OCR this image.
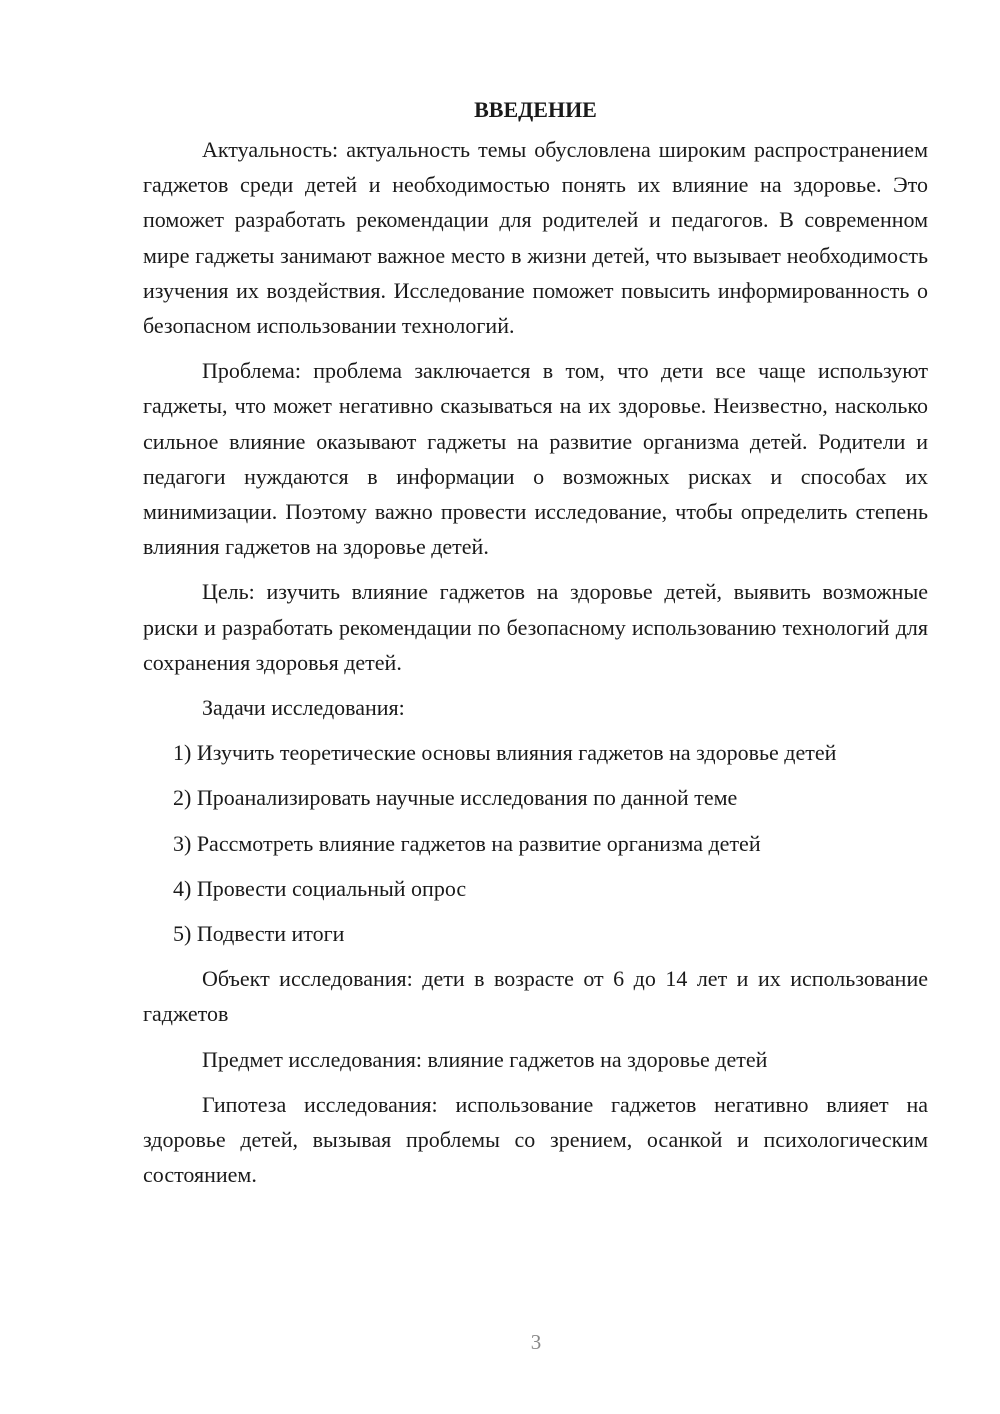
ВВЕДЕНИЕ

Актуальность: актуальность темы обусловлена широким распространением гаджетов среди детей и необходимостью понять их влияние на здоровье. Это поможет разработать рекомендации для родителей и педагогов. В современном мире гаджеты занимают важное место в жизни детей, что вызывает необходимость изучения их воздействия. Исследование поможет повысить информированность о безопасном использовании технологий.

Проблема: проблема заключается в том, что дети все чаще используют гаджеты, что может негативно сказываться на их здоровье. Неизвестно, насколько сильное влияние оказывают гаджеты на развитие организма детей. Родители и педагоги нуждаются в информации о возможных рисках и способах их минимизации. Поэтому важно провести исследование, чтобы определить степень влияния гаджетов на здоровье детей.

Цель: изучить влияние гаджетов на здоровье детей, выявить возможные риски и разработать рекомендации по безопасному использованию технологий для сохранения здоровья детей.

Задачи исследования:
1) Изучить теоретические основы влияния гаджетов на здоровье детей
2) Проанализировать научные исследования по данной теме
3) Рассмотреть влияние гаджетов на развитие организма детей
4) Провести социальный опрос
5) Подвести итоги

Объект исследования: дети в возрасте от 6 до 14 лет и их использование гаджетов

Предмет исследования: влияние гаджетов на здоровье детей

Гипотеза исследования: использование гаджетов негативно влияет на здоровье детей, вызывая проблемы со зрением, осанкой и психологическим состоянием.

3
